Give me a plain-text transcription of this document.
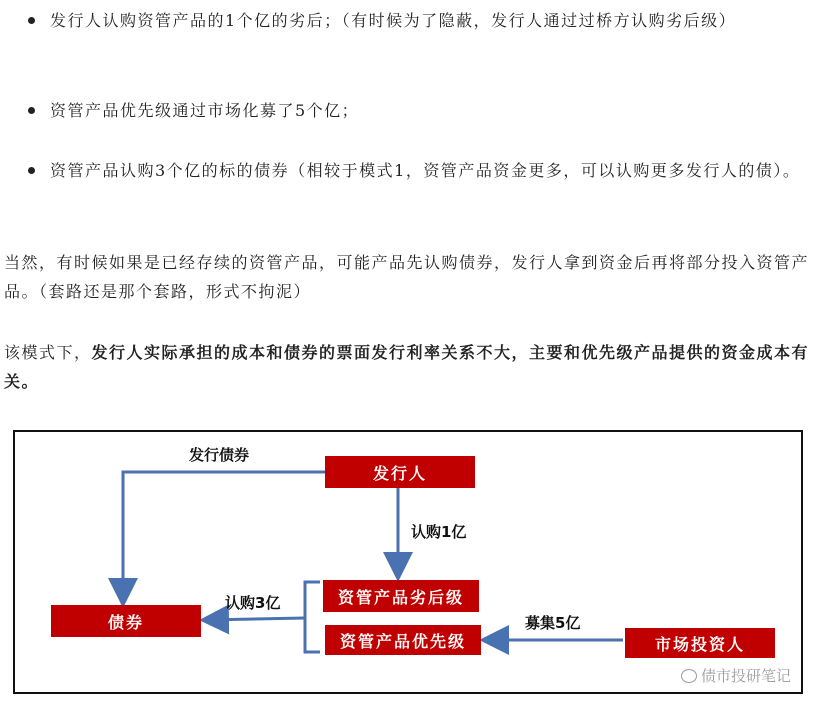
发行人认购资管产品的1个亿的劣后；（有时候为了隐蔽，发行人通过过桥方认购劣后级）
资管产品优先级通过市场化募了5个亿；
资管产品认购3个亿的标的债券（相较于模式1，资管产品资金更多，可以认购更多发行人的债）。

当然，有时候如果是已经存续的资管产品，可能产品先认购债券，发行人拿到资金后再将部分投入资管产品。（套路还是那个套路，形式不拘泥）

该模式下，发行人实际承担的成本和债券的票面发行利率关系不大，主要和优先级产品提供的资金成本有关。

发行人
资管产品劣后级
资管产品优先级
债券
市场投资人
发行债券
认购1亿
认购3亿
募集5亿
债市投研笔记
